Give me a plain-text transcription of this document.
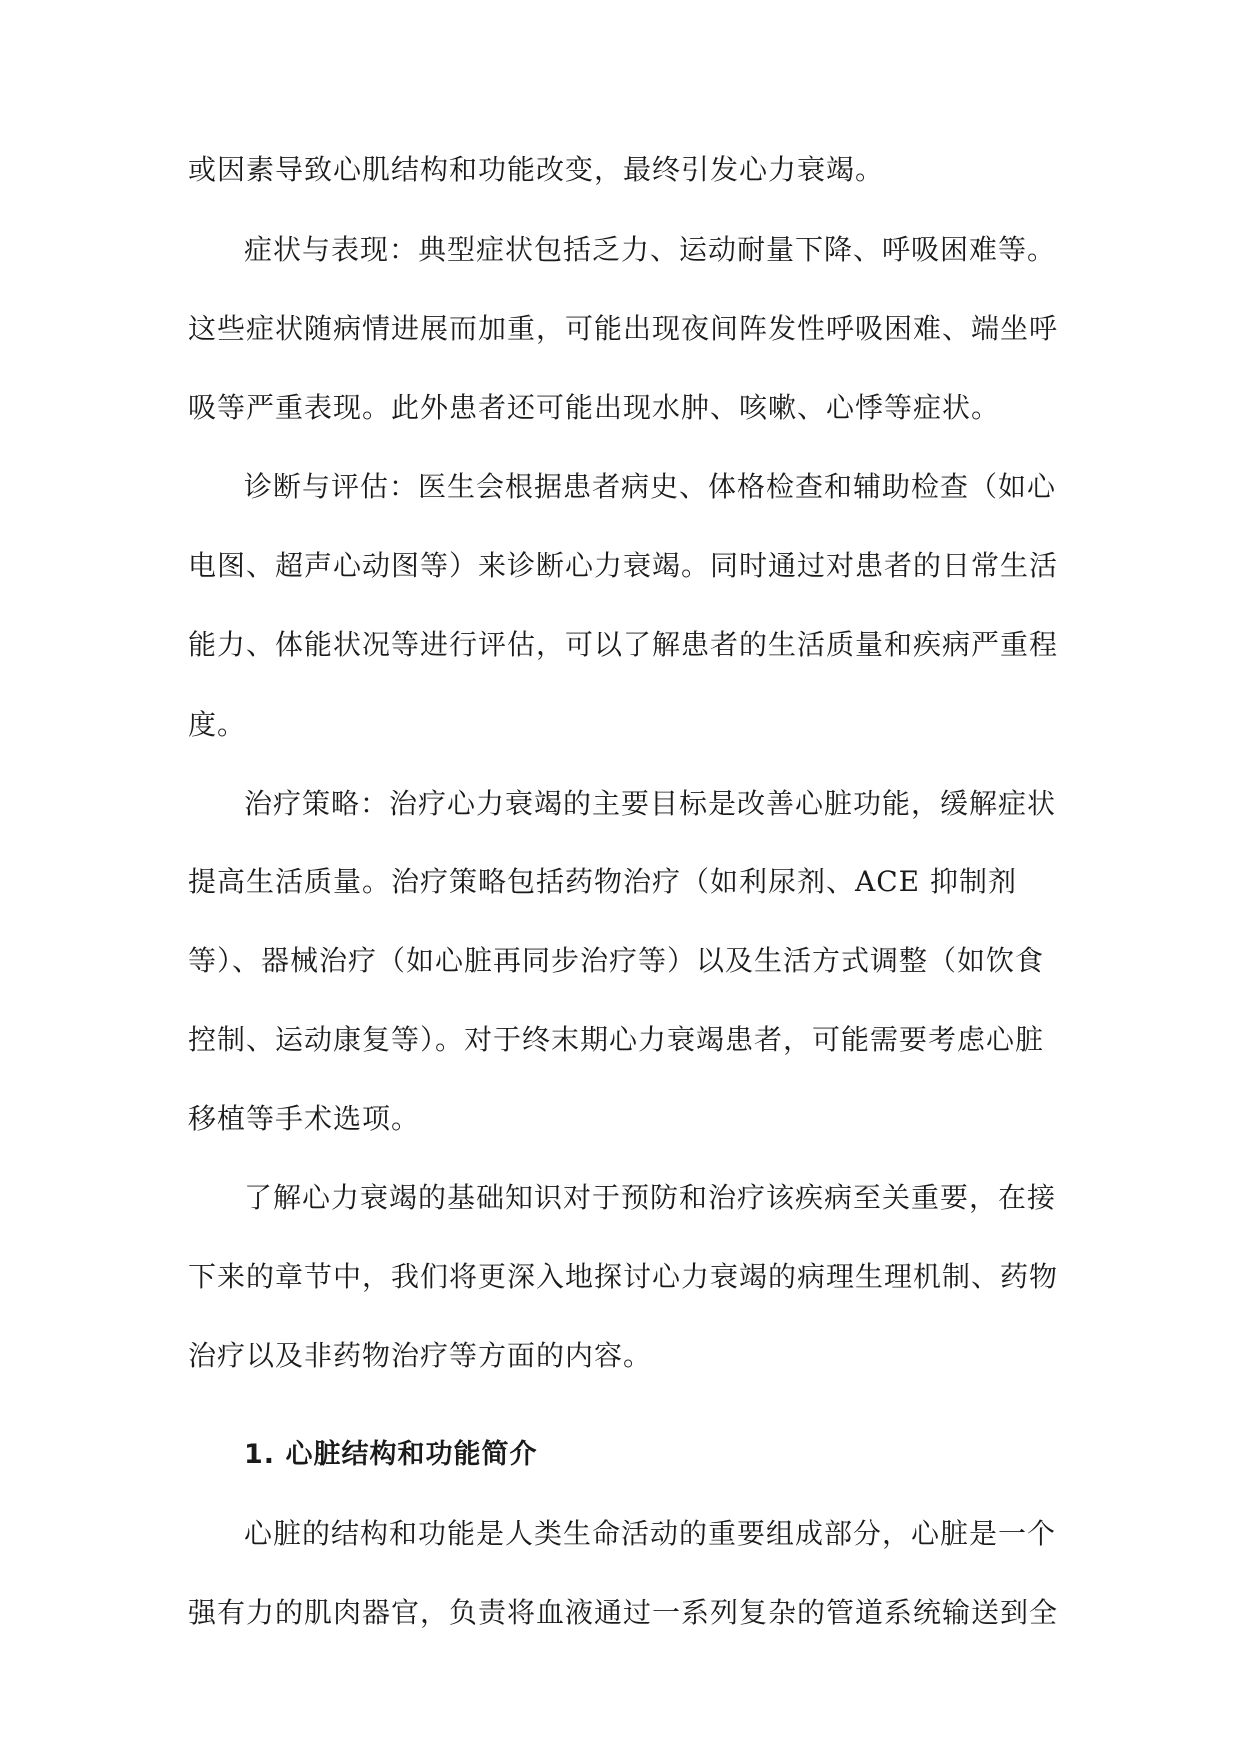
或因素导致心肌结构和功能改变，最终引发心力衰竭。
症状与表现：典型症状包括乏力、运动耐量下降、呼吸困难等。
这些症状随病情进展而加重，可能出现夜间阵发性呼吸困难、端坐呼
吸等严重表现。此外患者还可能出现水肿、咳嗽、心悸等症状。
诊断与评估：医生会根据患者病史、体格检查和辅助检查（如心
电图、超声心动图等）来诊断心力衰竭。同时通过对患者的日常生活
能力、体能状况等进行评估，可以了解患者的生活质量和疾病严重程
度。
治疗策略：治疗心力衰竭的主要目标是改善心脏功能，缓解症状
提高生活质量。治疗策略包括药物治疗（如利尿剂、ACE 抑制剂
等）、器械治疗（如心脏再同步治疗等）以及生活方式调整（如饮食
控制、运动康复等）。对于终末期心力衰竭患者，可能需要考虑心脏
移植等手术选项。
了解心力衰竭的基础知识对于预防和治疗该疾病至关重要，在接
下来的章节中，我们将更深入地探讨心力衰竭的病理生理机制、药物
治疗以及非药物治疗等方面的内容。
1. 心脏结构和功能简介
心脏的结构和功能是人类生命活动的重要组成部分，心脏是一个
强有力的肌肉器官，负责将血液通过一系列复杂的管道系统输送到全
